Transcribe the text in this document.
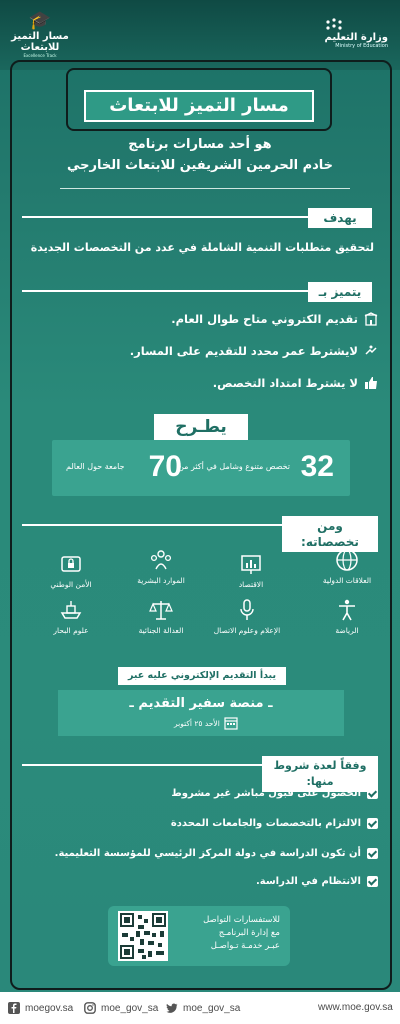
🎓
مسار التميز
للابتعاث
Excellence Track
وزارة التعليم
Ministry of Education
مسار التميز للابتعاث
هو أحد مسارات برنامج
خادم الحرمين الشريفين للابتعاث الخارجي
يهدف
لتحقيق متطلبات التنمية الشاملة في عدد من التخصصات الجديدة
يتميز بـ
تقديم الكتروني متاح طوال العام.
لايشترط عمر محدد للتقديم على المسار.
لا يشترط امتداد التخصص.
يطـرح
32
تخصص متنوع وشامل في أكثر من
70
جامعة حول العالم
ومن تخصصاته:
العلاقات الدولية
الاقتصاد
الموارد البشرية
الأمن الوطني
الرياضة
الإعلام وعلوم الاتصال
العدالة الجنائية
علوم البحار
يبدأ التقديم الإلكتروني عليه عبر
ـ منصة سفير التقديم ـ
الأحد ٢٥ أكتوبر
وفقاً لعدة شروط منها:
الحصول على قبول مباشر غير مشروط
الالتزام بالتخصصات والجامعات المحددة
أن تكون الدراسة في دولة المركز الرئيسي للمؤسسة التعليمية.
الانتظام في الدراسة.
للاستفسارات التواصل
مع إدارة البرنامـج
عبـر خدمـة تـواصـل
moegov.sa	moe_gov_sa moe_gov_sa	www.moe.gov.sa
